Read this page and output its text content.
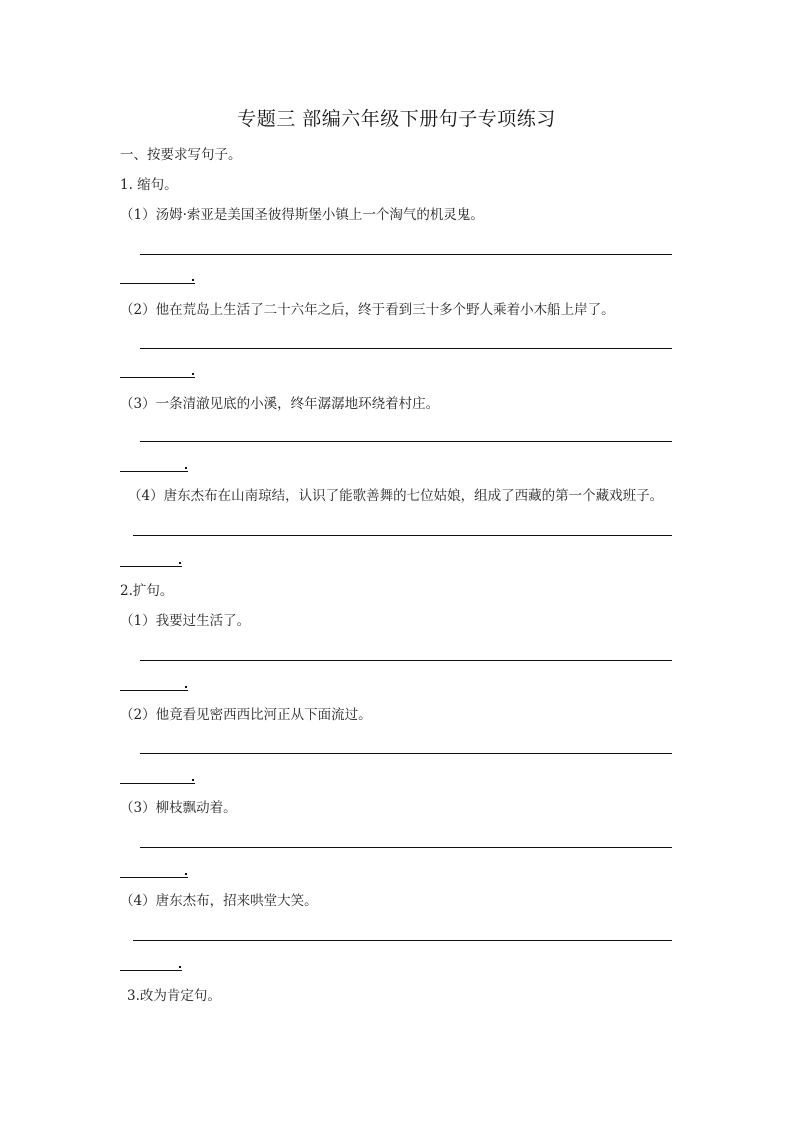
专题三 部编六年级下册句子专项练习
一、按要求写句子。
1. 缩句。
（1）汤姆·索亚是美国圣彼得斯堡小镇上一个淘气的机灵鬼。
（2）他在荒岛上生活了二十六年之后，终于看到三十多个野人乘着小木船上岸了。
（3）一条清澈见底的小溪，终年潺潺地环绕着村庄。
（4）唐东杰布在山南琼结，认识了能歌善舞的七位姑娘，组成了西藏的第一个藏戏班子。
2.扩句。
（1）我要过生活了。
（2）他竟看见密西西比河正从下面流过。
（3）柳枝飘动着。
（4）唐东杰布，招来哄堂大笑。
3.改为肯定句。
